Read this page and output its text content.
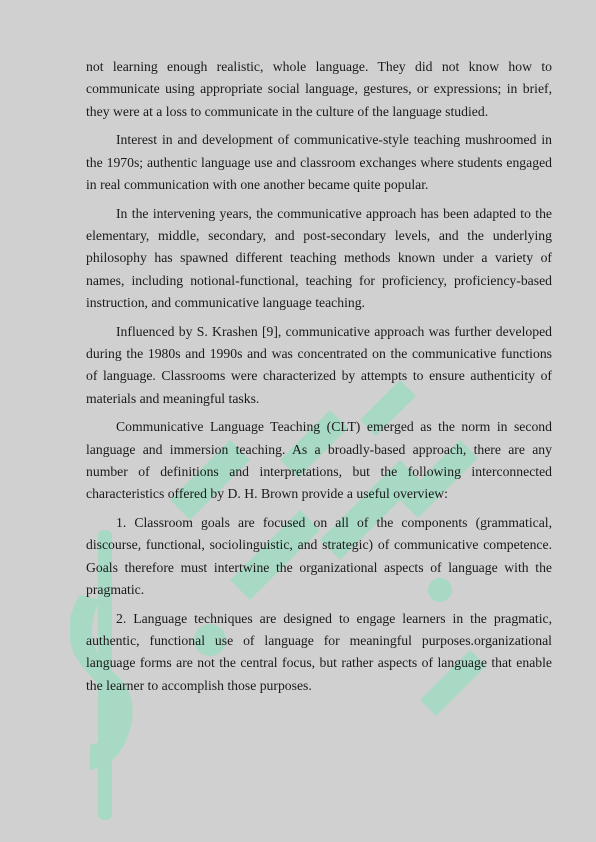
not learning enough realistic, whole language. They did not know how to communicate using appropriate social language, gestures, or expressions; in brief, they were at a loss to communicate in the culture of the language studied.

Interest in and development of communicative-style teaching mushroomed in the 1970s; authentic language use and classroom exchanges where students engaged in real communication with one another became quite popular.

In the intervening years, the communicative approach has been adapted to the elementary, middle, secondary, and post-secondary levels, and the underlying philosophy has spawned different teaching methods known under a variety of names, including notional-functional, teaching for proficiency, proficiency-based instruction, and communicative language teaching.

Influenced by S. Krashen [9], communicative approach was further developed during the 1980s and 1990s and was concentrated on the communicative functions of language. Classrooms were characterized by attempts to ensure authenticity of materials and meaningful tasks.

Communicative Language Teaching (CLT) emerged as the norm in second language and immersion teaching. As a broadly-based approach, there are any number of definitions and interpretations, but the following interconnected characteristics offered by D. H. Brown provide a useful overview:

1. Classroom goals are focused on all of the components (grammatical, discourse, functional, sociolinguistic, and strategic) of communicative competence. Goals therefore must intertwine the organizational aspects of language with the pragmatic.

2. Language techniques are designed to engage learners in the pragmatic, authentic, functional use of language for meaningful purposes.organizational language forms are not the central focus, but rather aspects of language that enable the learner to accomplish those purposes.
